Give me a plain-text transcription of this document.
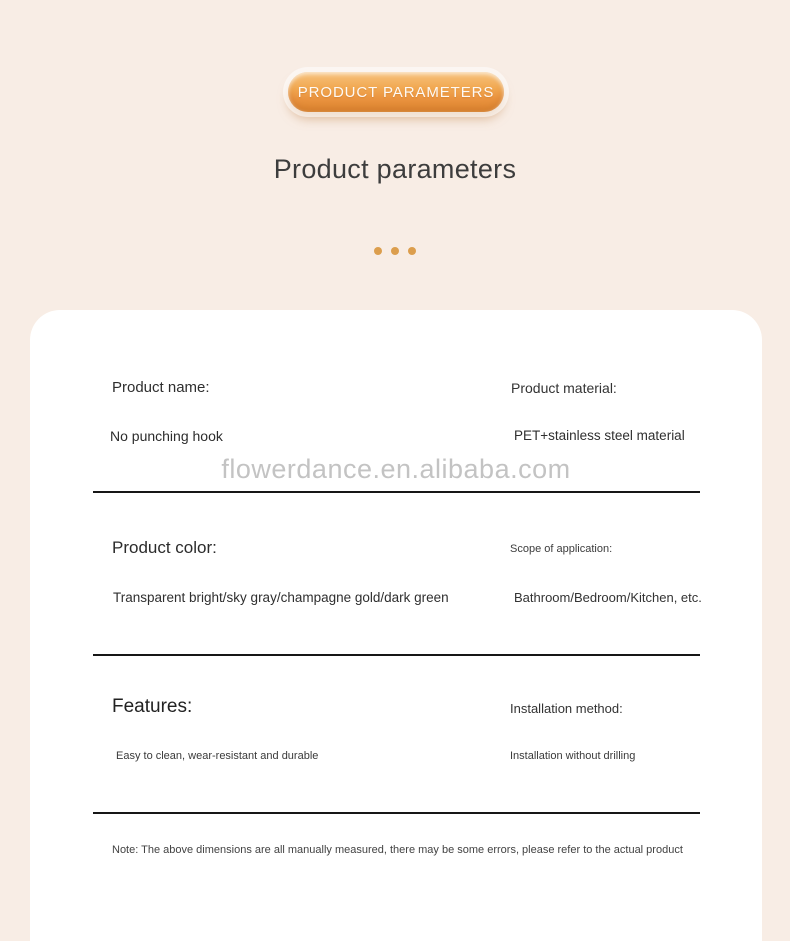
PRODUCT PARAMETERS
Product parameters
Product name:
No punching hook
Product material:
PET+stainless steel material
flowerdance.en.alibaba.com
Product color:
Transparent bright/sky gray/champagne gold/dark green
Scope of application:
Bathroom/Bedroom/Kitchen, etc.
Features:
Easy to clean, wear-resistant and durable
Installation method:
Installation without drilling
Note: The above dimensions are all manually measured, there may be some errors, please refer to the actual product
